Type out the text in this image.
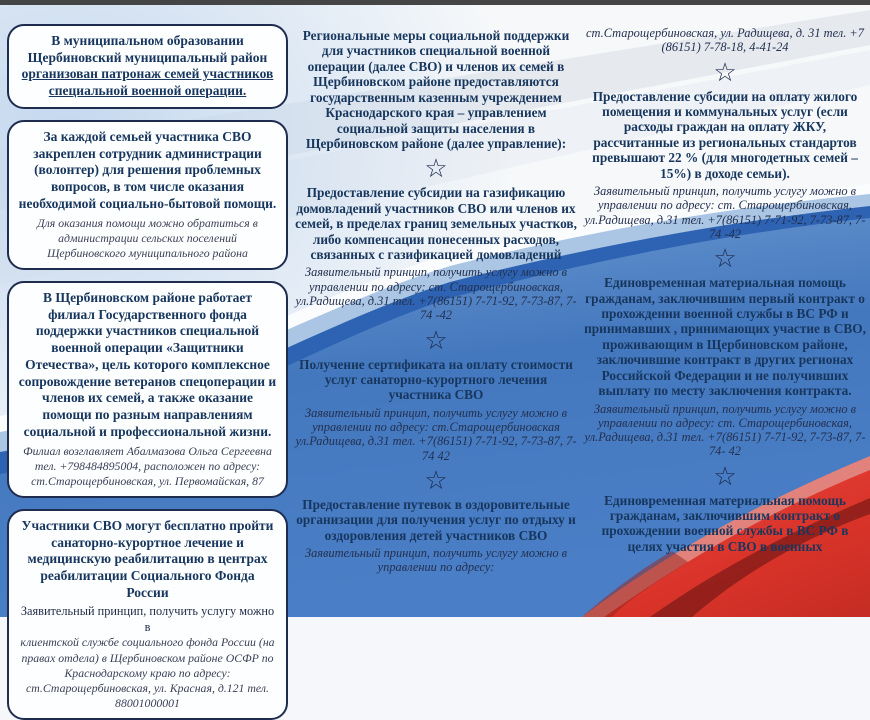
В муниципальном образовании Щербиновский муниципальный район организован патронаж семей участников специальной военной операции.
За каждой семьей участника СВО закреплен сотрудник администрации (волонтер) для решения проблемных вопросов, в том числе оказания необходимой социально-бытовой помощи.
Для оказания помощи можно обратиться в администрации сельских поселений Щербиновского муниципального района
В Щербиновском районе работает филиал Государственного фонда поддержки участников специальной военной операции «Защитники Отечества», цель которого комплексное сопровождение ветеранов спецоперации и членов их семей, а также оказание помощи по разным направлениям социальной и профессиональной жизни.
Филиал возглавляет Абалмазова Ольга Сергеевна тел. +798484895004, расположен по адресу: ст.Старощербиновская, ул. Первомайская, 87
Участники СВО могут бесплатно пройти санаторно-курортное лечение и медицинскую реабилитацию в центрах реабилитации Социального Фонда России
Заявительный принцип, получить услугу можно в
клиентской службе социального фонда России (на правах отдела) в Щербиновском районе ОСФР по Краснодарскому краю по адресу: ст.Старощербиновская, ул. Красная, д.121 тел. 88001000001
Региональные меры социальной поддержки для участников специальной военной операции (далее СВО) и членов их семей в Щербиновском районе предоставляются государственным казенным учреждением Краснодарского края – управлением социальной защиты населения в Щербиновском районе (далее управление):
☆
Предоставление субсидии на газификацию домовладений участников СВО или членов их семей, в пределах границ земельных участков, либо компенсации понесенных расходов, связанных с газификацией домовладений
Заявительный принцип, получить услугу можно в управлении по адресу: ст. Старощербиновская, ул.Радищева, д.31 тел. +7(86151) 7-71-92, 7-73-87, 7-74 -42
☆
Получение сертификата на оплату стоимости услуг санаторно-курортного лечения участника СВО
Заявительный принцип, получить услугу можно в управлении по адресу: ст.Старощербиновская ул.Радищева, д.31 тел. +7(86151) 7-71-92, 7-73-87, 7-74 42
☆
Предоставление путевок в оздоровительные организации для получения услуг по отдыху и оздоровления детей участников СВО
Заявительный принцип, получить услугу можно в управлении по адресу:
ст.Старощербиновская, ул. Радищева, д. 31 тел. +7 (86151) 7-78-18, 4-41-24
☆
Предоставление субсидии на оплату жилого помещения и коммунальных услуг (если расходы граждан на оплату ЖКУ, рассчитанные из региональных стандартов превышают 22 % (для многодетных семей – 15%) в доходе семьи).
Заявительный принцип, получить услугу можно в управлении по адресу: ст. Старощербиновская, ул.Радищева, д.31 тел. +7(86151) 7-71-92, 7-73-87, 7-74 -42
☆
Единовременная материальная помощь гражданам, заключившим первый контракт о прохождении военной службы в ВС РФ и принимавших , принимающих участие в СВО, проживающим в Щербиновском районе, заключившие контракт в других регионах Российской Федерации и не получивших выплату по месту заключения контракта.
Заявительный принцип, получить услугу можно в управлении по адресу: ст. Старощербиновская, ул.Радищева, д.31 тел. +7(86151) 7-71-92, 7-73-87, 7-74- 42
☆
Единовременная материальная помощь гражданам, заключившим контракт о прохождении военной службы в ВС РФ в целях участия в СВО в военных
